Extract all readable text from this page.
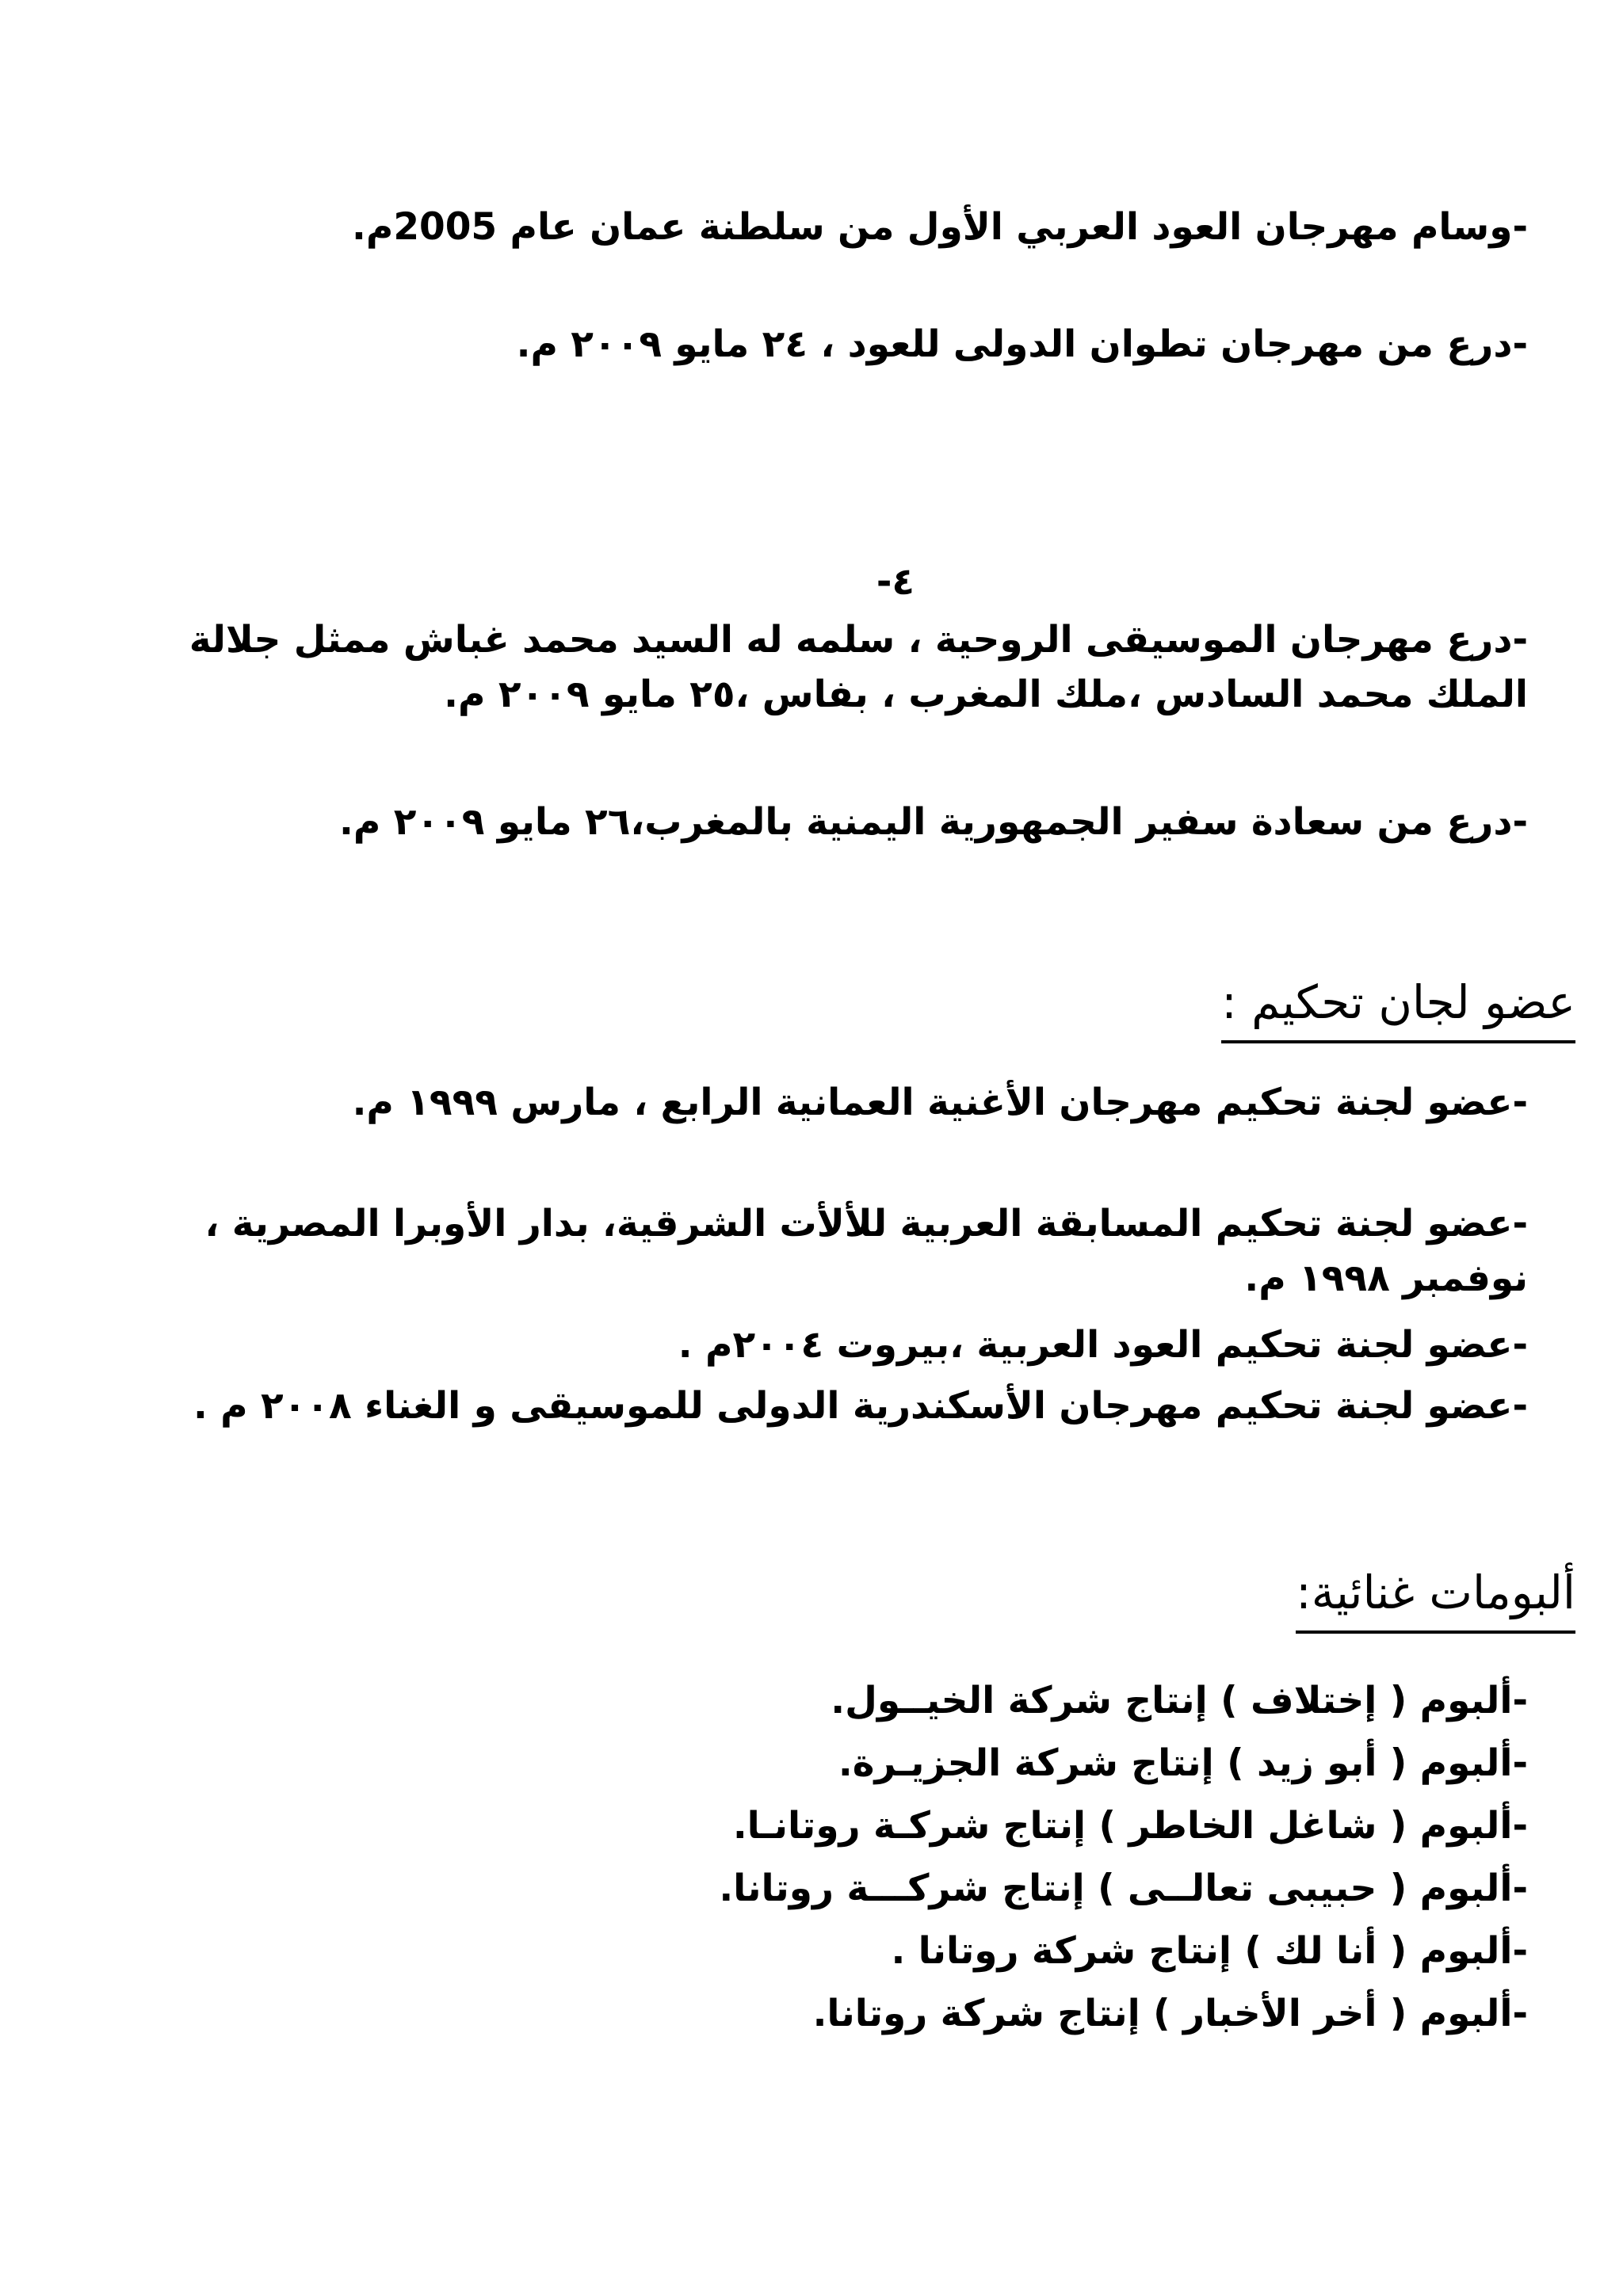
-وسام مهرجان العود العربي الأول من سلطنة عمان عام 2005م.
-درع من مهرجان تطوان الدولى للعود ، ٢٤ مايو ٢٠٠٩ م.
٤-
-درع مهرجان الموسيقى الروحية ، سلمه له السيد محمد غباش ممثل جلالة الملك محمد السادس ،ملك المغرب ، بفاس ،٢٥ مايو ٢٠٠٩ م.
-درع من سعادة سفير الجمهورية اليمنية بالمغرب،٢٦ مايو ٢٠٠٩ م.
عضو لجان تحكيم :
-عضو لجنة تحكيم مهرجان الأغنية العمانية الرابع ، مارس ١٩٩٩ م.
-عضو لجنة تحكيم المسابقة العربية للألأت الشرقية، بدار الأوبرا المصرية ، نوفمبر ١٩٩٨ م.
-عضو لجنة تحكيم العود العربية ،بيروت ٢٠٠٤م .
-عضو لجنة تحكيم مهرجان الأسكندرية الدولى للموسيقى و الغناء ٢٠٠٨ م .
ألبومات غنائية:
-ألبوم ( إختلاف ) إنتاج شركة الخيــول.
-ألبوم ( أبو زيد ) إنتاج شركة الجزيـرة.
-ألبوم ( شاغل الخاطر ) إنتاج شركـة روتانـا.
-ألبوم ( حبيبى تعالــى ) إنتاج شركـــة روتانا.
-ألبوم ( أنا لك ) إنتاج شركة روتانا .
-ألبوم ( أخر الأخبار ) إنتاج شركة روتانا.
